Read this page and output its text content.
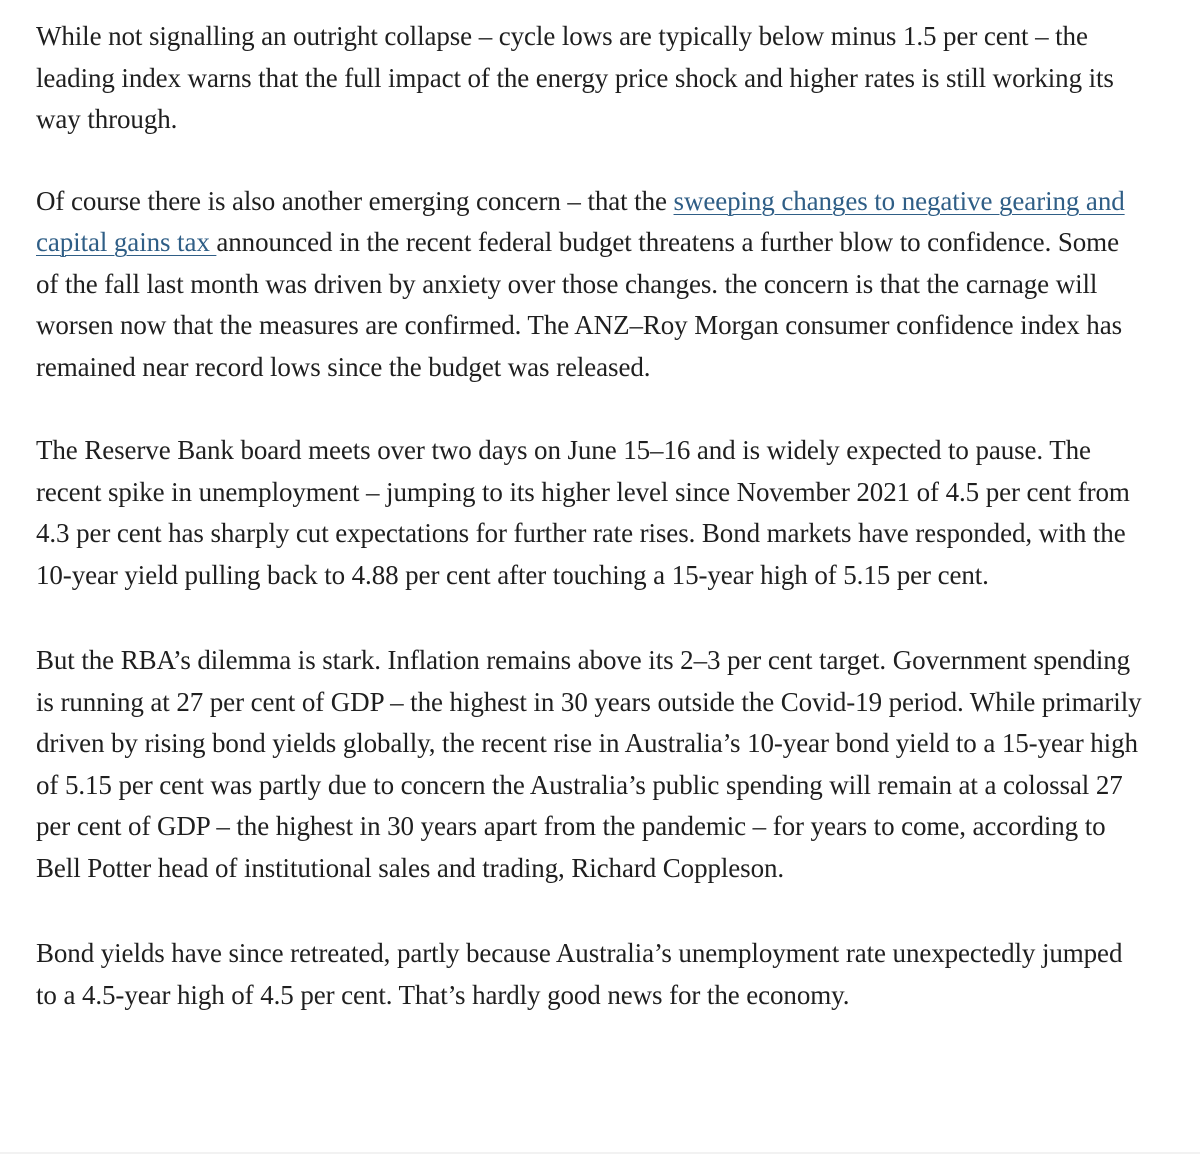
While not signalling an outright collapse – cycle lows are typically below minus 1.5 per cent – the leading index warns that the full impact of the energy price shock and higher rates is still working its way through.

Of course there is also another emerging concern – that the sweeping changes to negative gearing and capital gains tax announced in the recent federal budget threatens a further blow to confidence. Some of the fall last month was driven by anxiety over those changes. the concern is that the carnage will worsen now that the measures are confirmed. The ANZ–Roy Morgan consumer confidence index has remained near record lows since the budget was released.

The Reserve Bank board meets over two days on June 15–16 and is widely expected to pause. The recent spike in unemployment – jumping to its higher level since November 2021 of 4.5 per cent from 4.3 per cent has sharply cut expectations for further rate rises. Bond markets have responded, with the 10-year yield pulling back to 4.88 per cent after touching a 15-year high of 5.15 per cent.

But the RBA’s dilemma is stark. Inflation remains above its 2–3 per cent target. Government spending is running at 27 per cent of GDP – the highest in 30 years outside the Covid-19 period. While primarily driven by rising bond yields globally, the recent rise in Australia’s 10-year bond yield to a 15-year high of 5.15 per cent was partly due to concern the Australia’s public spending will remain at a colossal 27 per cent of GDP – the highest in 30 years apart from the pandemic – for years to come, according to Bell Potter head of institutional sales and trading, Richard Coppleson.

Bond yields have since retreated, partly because Australia’s unemployment rate unexpectedly jumped to a 4.5-year high of 4.5 per cent. That’s hardly good news for the economy.
